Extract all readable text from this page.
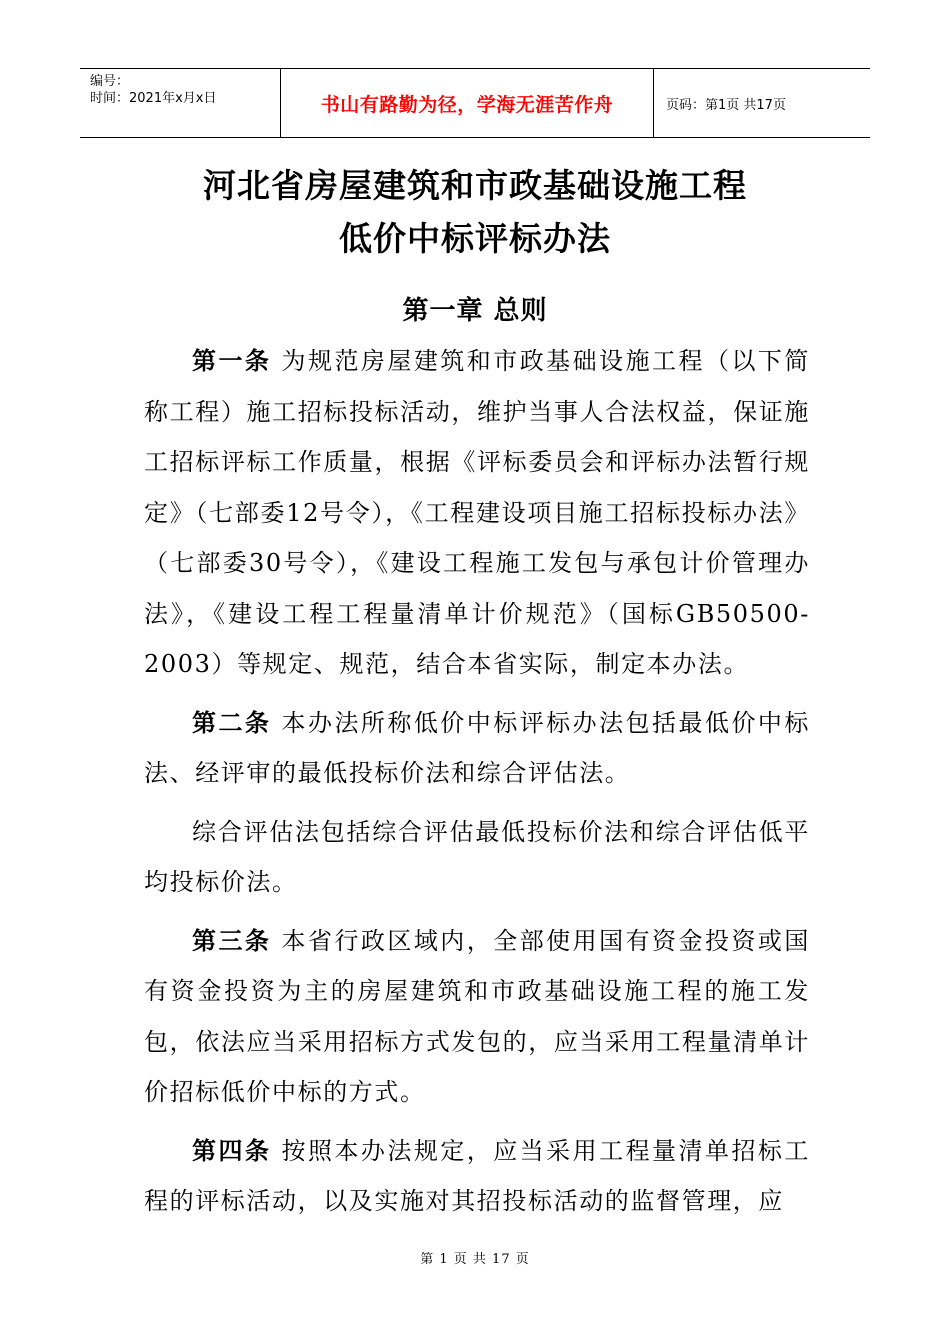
编号：
时间：2021年x月x日	书山有路勤为径，学海无涯苦作舟	页码：第1页 共17页
河北省房屋建筑和市政基础设施工程
低价中标评标办法
第一章 总则

第一条 为规范房屋建筑和市政基础设施工程（以下简称工程）施工招标投标活动，维护当事人合法权益，保证施工招标评标工作质量，根据《评标委员会和评标办法暂行规定》（七部委12号令），《工程建设项目施工招标投标办法》（七部委30号令），《建设工程施工发包与承包计价管理办法》，《建设工程工程量清单计价规范》（国标GB50500-2003）等规定、规范，结合本省实际，制定本办法。

第二条 本办法所称低价中标评标办法包括最低价中标法、经评审的最低投标价法和综合评估法。

综合评估法包括综合评估最低投标价法和综合评估低平均投标价法。

第三条 本省行政区域内，全部使用国有资金投资或国有资金投资为主的房屋建筑和市政基础设施工程的施工发包，依法应当采用招标方式发包的，应当采用工程量清单计价招标低价中标的方式。

第四条 按照本办法规定，应当采用工程量清单招标工程的评标活动，以及实施对其招投标活动的监督管理，应

第 1 页 共 17 页
